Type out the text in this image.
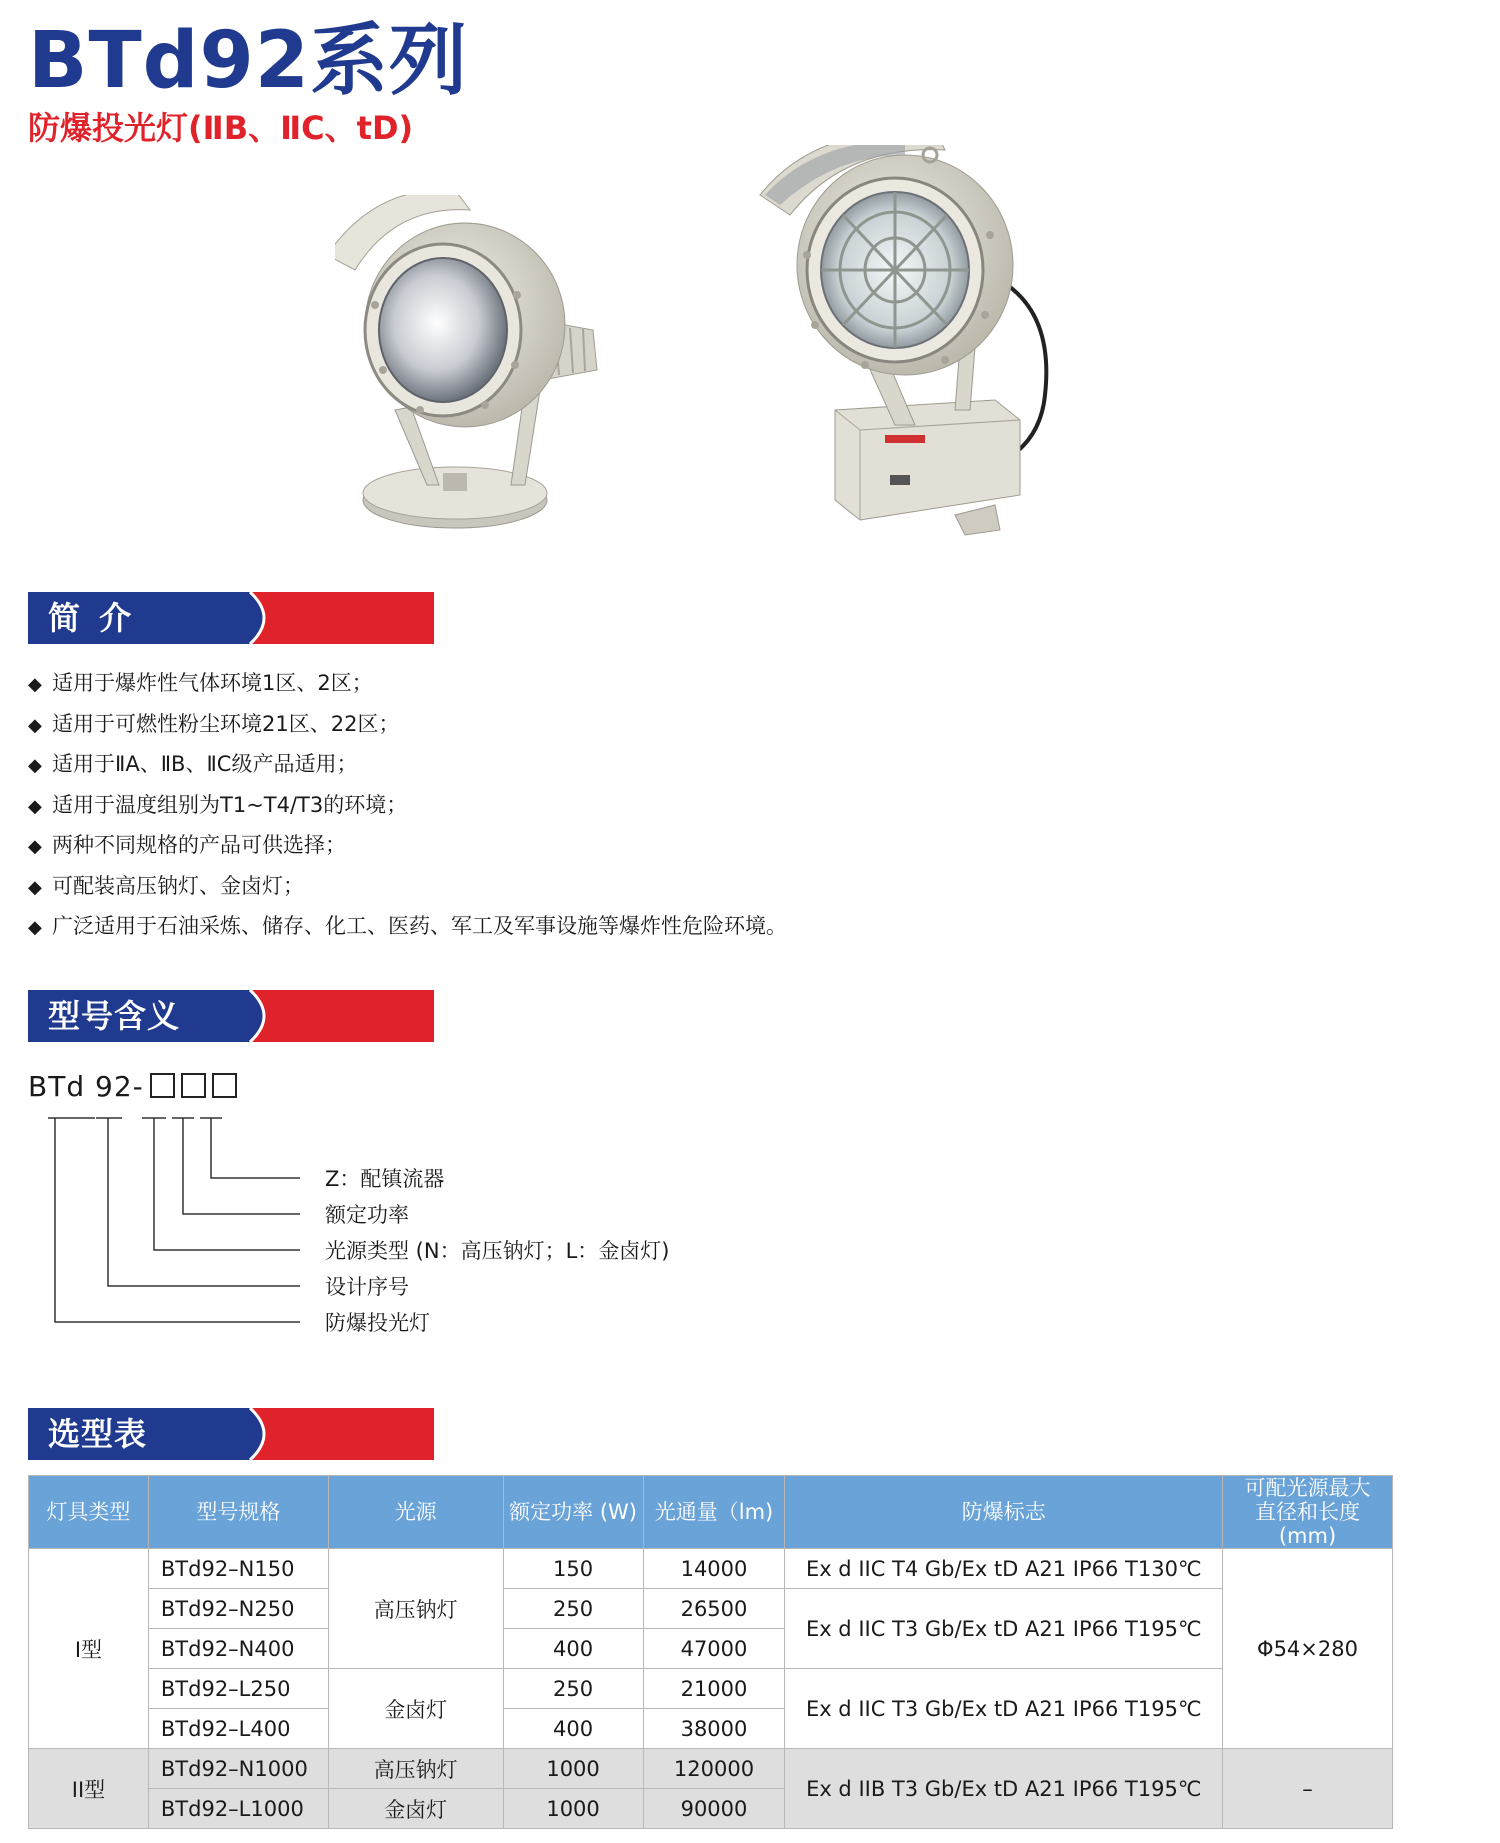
BTd92系列
防爆投光灯(ⅡB、ⅡC、tD)
简 介
◆ 适用于爆炸性气体环境1区、2区；
◆ 适用于可燃性粉尘环境21区、22区；
◆ 适用于ⅡA、ⅡB、ⅡC级产品适用；
◆ 适用于温度组别为T1~T4/T3的环境；
◆ 两种不同规格的产品可供选择；
◆ 可配装高压钠灯、金卤灯；
◆ 广泛适用于石油采炼、储存、化工、医药、军工及军事设施等爆炸性危险环境。
型号含义
BTd 92-
Z：配镇流器
额定功率
光源类型 (N：高压钠灯；L：金卤灯)
设计序号
防爆投光灯
选型表
灯具类型	型号规格	光源	额定功率 (W)	光通量（lm)	防爆标志	可配光源最大
直径和长度(mm)
I型	BTd92–N150	高压钠灯	150	14000	Ex d IIC T4 Gb/Ex tD A21 IP66 T130℃	Φ54×280
	BTd92–N250		250	26500	Ex d IIC T3 Gb/Ex tD A21 IP66 T195℃	
	BTd92–N400		400	47000		
	BTd92–L250	金卤灯	250	21000	Ex d IIC T3 Gb/Ex tD A21 IP66 T195℃	
	BTd92–L400		400	38000		
II型	BTd92–N1000	高压钠灯	1000	120000	Ex d IIB T3 Gb/Ex tD A21 IP66 T195℃	–
	BTd92–L1000	金卤灯	1000	90000		
